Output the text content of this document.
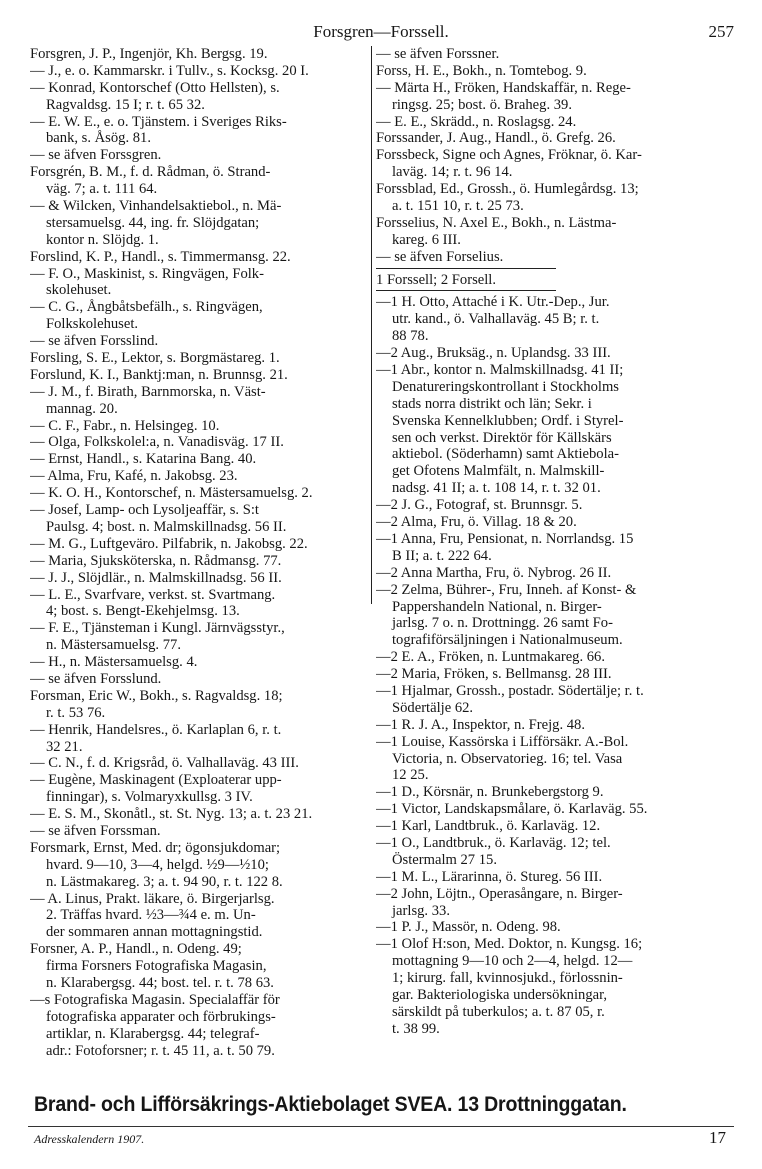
Forsgren—Forssell.	257
Forsgren, J. P., Ingenjör, Kh. Bergsg. 19.
— J., e. o. Kammarskr. i Tullv., s. Kocksg. 20 I.
— Konrad, Kontorschef (Otto Hellsten), s.
Ragvaldsg. 15 I; r. t. 65 32.
— E. W. E., e. o. Tjänstem. i Sveriges Riks-
bank, s. Åsög. 81.
— se äfven Forssgren.
Forsgrén, B. M., f. d. Rådman, ö. Strand-
väg. 7; a. t. 111 64.
— & Wilcken, Vinhandelsaktiebol., n. Mä-
stersamuelsg. 44, ing. fr. Slöjdgatan;
kontor n. Slöjdg. 1.
Forslind, K. P., Handl., s. Timmermansg. 22.
— F. O., Maskinist, s. Ringvägen, Folk-
skolehuset.
— C. G., Ångbåtsbefälh., s. Ringvägen,
Folkskolehuset.
— se äfven Forsslind.
Forsling, S. E., Lektor, s. Borgmästareg. 1.
Forslund, K. I., Banktj:man, n. Brunnsg. 21.
— J. M., f. Birath, Barnmorska, n. Väst-
mannag. 20.
— C. F., Fabr., n. Helsingeg. 10.
— Olga, Folkskolel:a, n. Vanadisväg. 17 II.
— Ernst, Handl., s. Katarina Bang. 40.
— Alma, Fru, Kafé, n. Jakobsg. 23.
— K. O. H., Kontorschef, n. Mästersamuelsg. 2.
— Josef, Lamp- och Lysoljeaffär, s. S:t
Paulsg. 4; bost. n. Malmskillnadsg. 56 II.
— M. G., Luftgeväro. Pilfabrik, n. Jakobsg. 22.
— Maria, Sjuksköterska, n. Rådmansg. 77.
— J. J., Slöjdlär., n. Malmskillnadsg. 56 II.
— L. E., Svarfvare, verkst. st. Svartmang.
4; bost. s. Bengt-Ekehjelmsg. 13.
— F. E., Tjänsteman i Kungl. Järnvägsstyr.,
n. Mästersamuelsg. 77.
— H., n. Mästersamuelsg. 4.
— se äfven Forsslund.
Forsman, Eric W., Bokh., s. Ragvaldsg. 18;
r. t. 53 76.
— Henrik, Handelsres., ö. Karlaplan 6, r. t.
32 21.
— C. N., f. d. Krigsråd, ö. Valhallaväg. 43 III.
— Eugène, Maskinagent (Exploaterar upp-
finningar), s. Volmaryxkullsg. 3 IV.
— E. S. M., Skonåtl., st. St. Nyg. 13; a. t. 23 21.
— se äfven Forssman.
Forsmark, Ernst, Med. dr; ögonsjukdomar;
hvard. 9—10, 3—4, helgd. ½9—½10;
n. Lästmakareg. 3; a. t. 94 90, r. t. 122 8.
— A. Linus, Prakt. läkare, ö. Birgerjarlsg.
2. Träffas hvard. ½3—¾4 e. m. Un-
der sommaren annan mottagningstid.
Forsner, A. P., Handl., n. Odeng. 49;
firma Forsners Fotografiska Magasin,
n. Klarabergsg. 44; bost. tel. r. t. 78 63.
—s Fotografiska Magasin. Specialaffär för
fotografiska apparater och förbrukings-
artiklar, n. Klarabergsg. 44; telegraf-
adr.: Fotoforsner; r. t. 45 11, a. t. 50 79.
— se äfven Forssner.
Forss, H. E., Bokh., n. Tomtebog. 9.
— Märta H., Fröken, Handskaffär, n. Rege-
ringsg. 25; bost. ö. Braheg. 39.
— E. E., Skrädd., n. Roslagsg. 24.
Forssander, J. Aug., Handl., ö. Grefg. 26.
Forssbeck, Signe och Agnes, Fröknar, ö. Kar-
laväg. 14; r. t. 96 14.
Forssblad, Ed., Grossh., ö. Humlegårdsg. 13;
a. t. 151 10, r. t. 25 73.
Forsselius, N. Axel E., Bokh., n. Lästma-
kareg. 6 III.
— se äfven Forselius.
1 Forssell; 2 Forsell.
—1 H. Otto, Attaché i K. Utr.-Dep., Jur.
utr. kand., ö. Valhallaväg. 45 B; r. t.
88 78.
—2 Aug., Bruksäg., n. Uplandsg. 33 III.
—1 Abr., kontor n. Malmskillnadsg. 41 II;
Denatureringskontrollant i Stockholms
stads norra distrikt och län; Sekr. i
Svenska Kennelklubben; Ordf. i Styrel-
sen och verkst. Direktör för Källskärs
aktiebol. (Söderhamn) samt Aktiebola-
get Ofotens Malmfält, n. Malmskill-
nadsg. 41 II; a. t. 108 14, r. t. 32 01.
—2 J. G., Fotograf, st. Brunnsgr. 5.
—2 Alma, Fru, ö. Villag. 18 & 20.
—1 Anna, Fru, Pensionat, n. Norrlandsg. 15
B II; a. t. 222 64.
—2 Anna Martha, Fru, ö. Nybrog. 26 II.
—2 Zelma, Bührer-, Fru, Inneh. af Konst- &
Pappershandeln National, n. Birger-
jarlsg. 7 o. n. Drottningg. 26 samt Fo-
tografiförsäljningen i Nationalmuseum.
—2 E. A., Fröken, n. Luntmakareg. 66.
—2 Maria, Fröken, s. Bellmansg. 28 III.
—1 Hjalmar, Grossh., postadr. Södertälje; r. t.
Södertälje 62.
—1 R. J. A., Inspektor, n. Frejg. 48.
—1 Louise, Kassörska i Lifförsäkr. A.-Bol.
Victoria, n. Observatorieg. 16; tel. Vasa
12 25.
—1 D., Körsnär, n. Brunkebergstorg 9.
—1 Victor, Landskapsmålare, ö. Karlaväg. 55.
—1 Karl, Landtbruk., ö. Karlaväg. 12.
—1 O., Landtbruk., ö. Karlaväg. 12; tel.
Östermalm 27 15.
—1 M. L., Lärarinna, ö. Stureg. 56 III.
—2 John, Löjtn., Operasångare, n. Birger-
jarlsg. 33.
—1 P. J., Massör, n. Odeng. 98.
—1 Olof H:son, Med. Doktor, n. Kungsg. 16;
mottagning 9—10 och 2—4, helgd. 12—
1; kirurg. fall, kvinnosjukd., förlossnin-
gar. Bakteriologiska undersökningar,
särskildt på tuberkulos; a. t. 87 05, r.
t. 38 99.
Brand- och Lifförsäkrings-Aktiebolaget SVEA. 13 Drottninggatan.
Adresskalendern 1907.	17
